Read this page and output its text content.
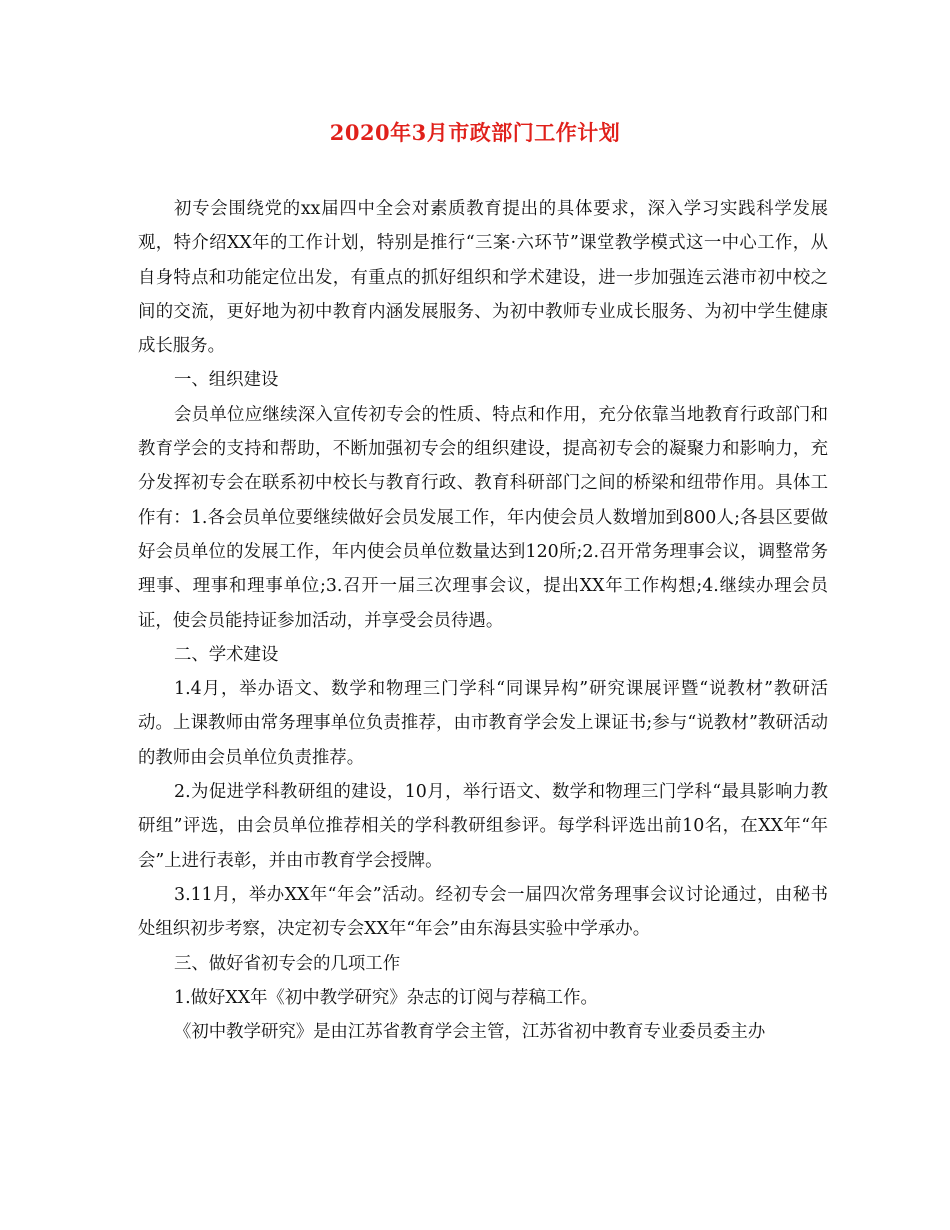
2020年3月市政部门工作计划

初专会围绕党的xx届四中全会对素质教育提出的具体要求，深入学习实践科学发展观，特介绍XX年的工作计划，特别是推行“三案·六环节”课堂教学模式这一中心工作，从自身特点和功能定位出发，有重点的抓好组织和学术建设，进一步加强连云港市初中校之间的交流，更好地为初中教育内涵发展服务、为初中教师专业成长服务、为初中学生健康成长服务。

一、组织建设

会员单位应继续深入宣传初专会的性质、特点和作用，充分依靠当地教育行政部门和教育学会的支持和帮助，不断加强初专会的组织建设，提高初专会的凝聚力和影响力，充分发挥初专会在联系初中校长与教育行政、教育科研部门之间的桥梁和纽带作用。具体工作有：1.各会员单位要继续做好会员发展工作，年内使会员人数增加到800人;各县区要做好会员单位的发展工作，年内使会员单位数量达到120所;2.召开常务理事会议，调整常务理事、理事和理事单位;3.召开一届三次理事会议，提出XX年工作构想;4.继续办理会员证，使会员能持证参加活动，并享受会员待遇。

二、学术建设

1.4月，举办语文、数学和物理三门学科“同课异构”研究课展评暨“说教材”教研活动。上课教师由常务理事单位负责推荐，由市教育学会发上课证书;参与“说教材”教研活动的教师由会员单位负责推荐。

2.为促进学科教研组的建设，10月，举行语文、数学和物理三门学科“最具影响力教研组”评选，由会员单位推荐相关的学科教研组参评。每学科评选出前10名，在XX年“年会”上进行表彰，并由市教育学会授牌。

3.11月，举办XX年“年会”活动。经初专会一届四次常务理事会议讨论通过，由秘书处组织初步考察，决定初专会XX年“年会”由东海县实验中学承办。

三、做好省初专会的几项工作

1.做好XX年《初中教学研究》杂志的订阅与荐稿工作。

《初中教学研究》是由江苏省教育学会主管，江苏省初中教育专业委员委主办
